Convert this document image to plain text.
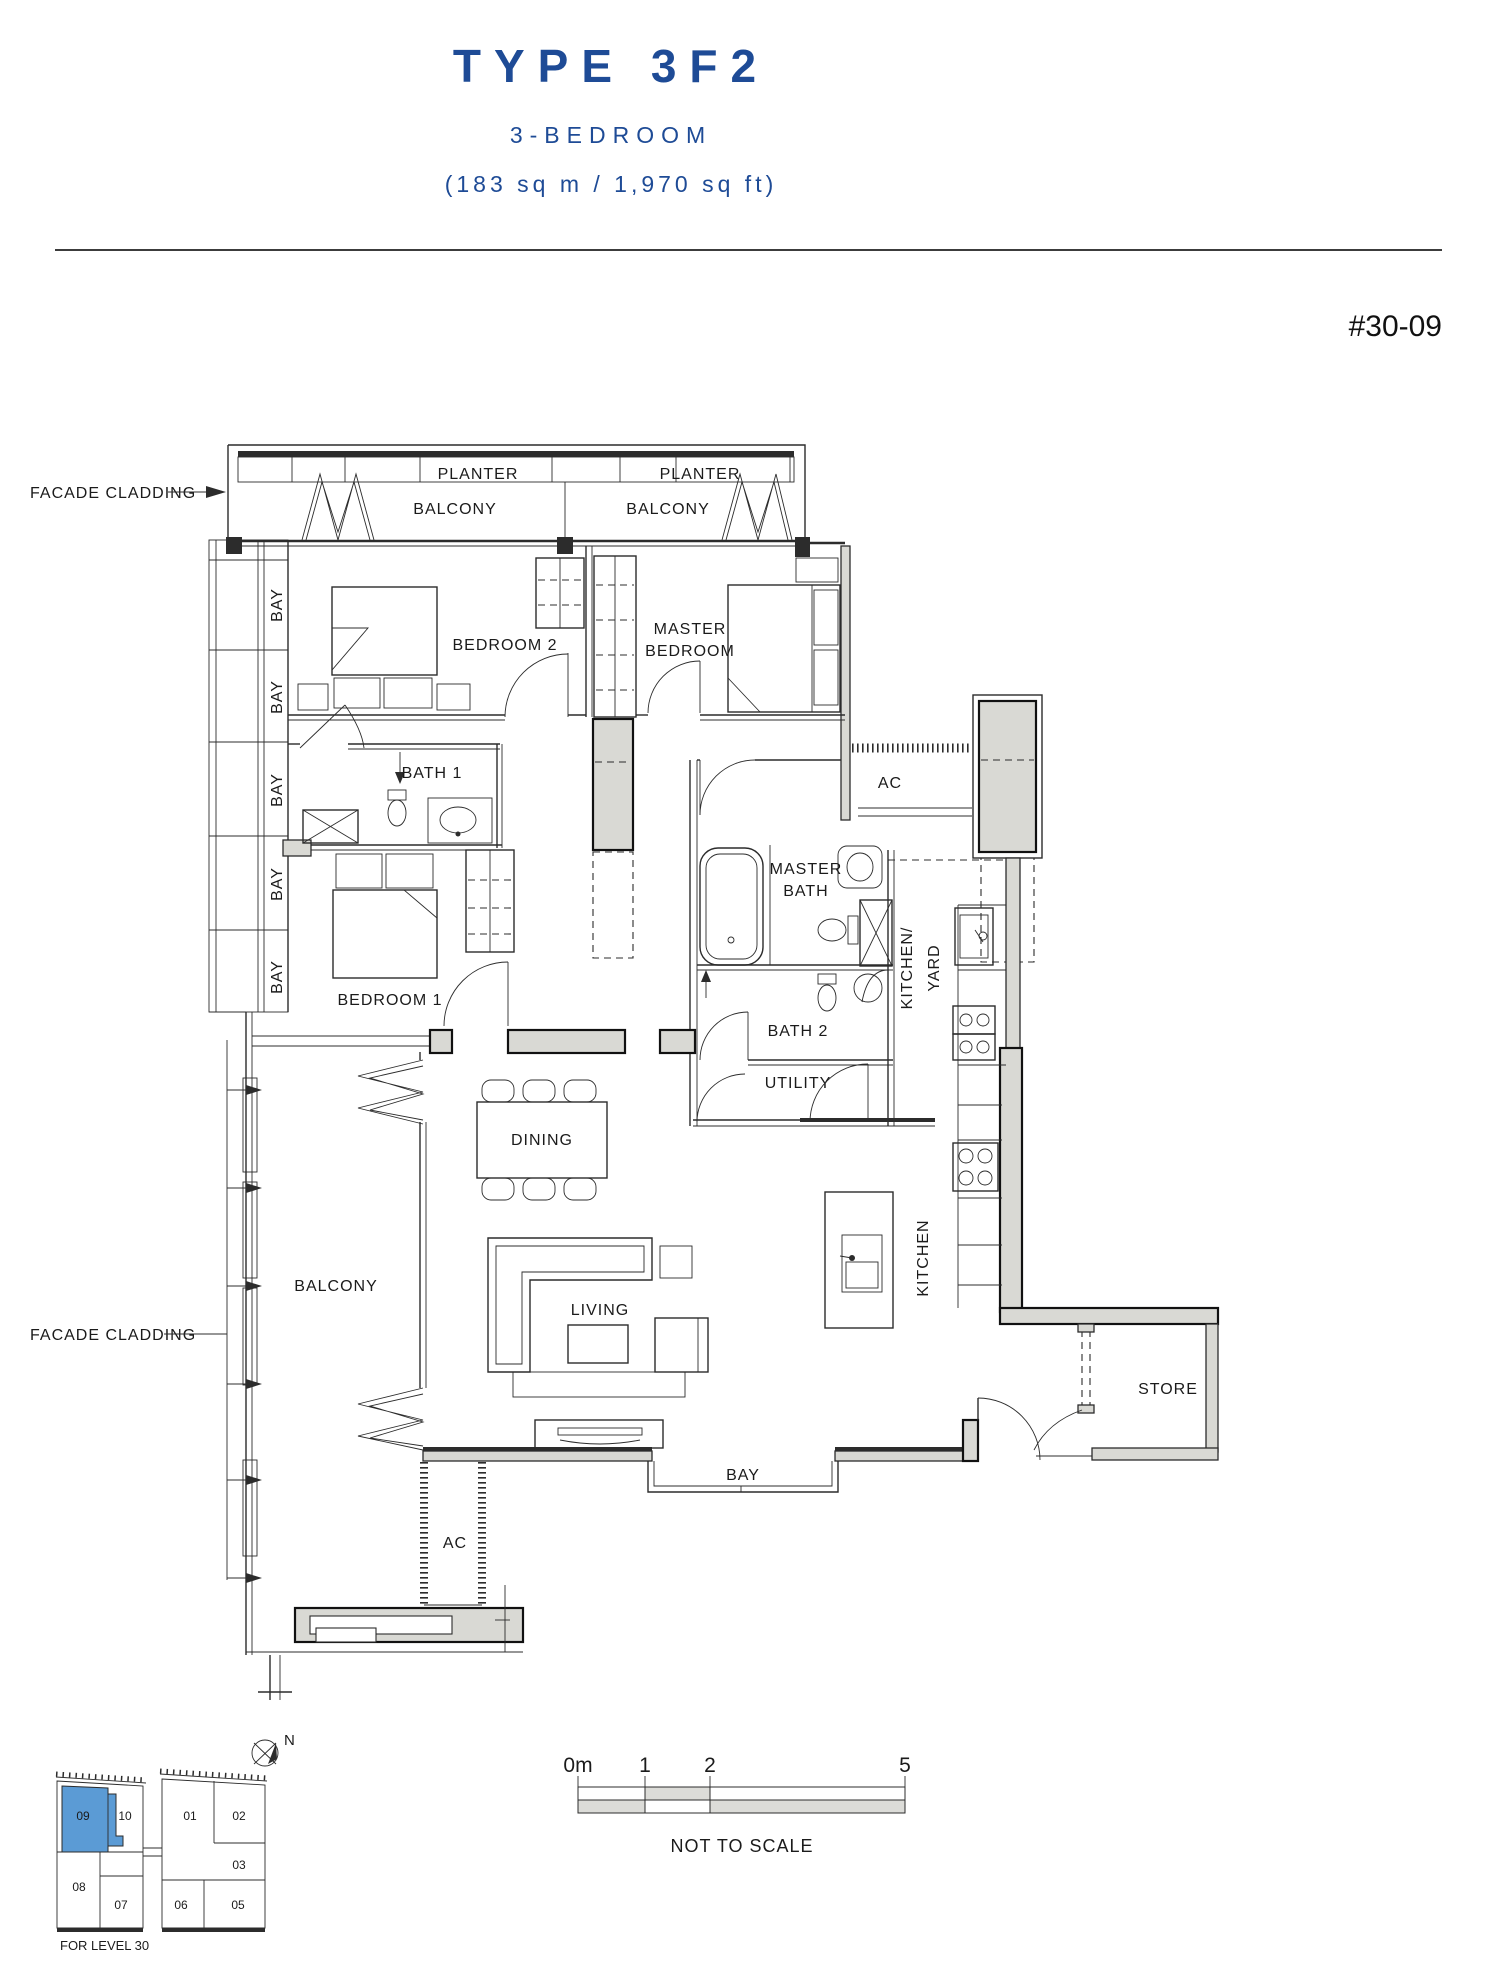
TYPE 3F2
3-BEDROOM
(183 sq m / 1,970 sq ft)
#30-09
PLANTER	PLANTER
BALCONY	BALCONY
FACADE CLADDING
BAY
BAY
BAY
BAY
BAY
FACADE CLADDING
AC
BAY
STORE
BEDROOM 2
MASTER
BEDROOM
BATH 1
BEDROOM 1
MASTER
BATH
BATH 2
UTILITY
KITCHEN/ YARD
KITCHEN
DINING
LIVING
BALCONY
AC
N
09 10	01	02
03
08
07	06	05
FOR LEVEL 30
0m 1	2	5
NOT TO SCALE
